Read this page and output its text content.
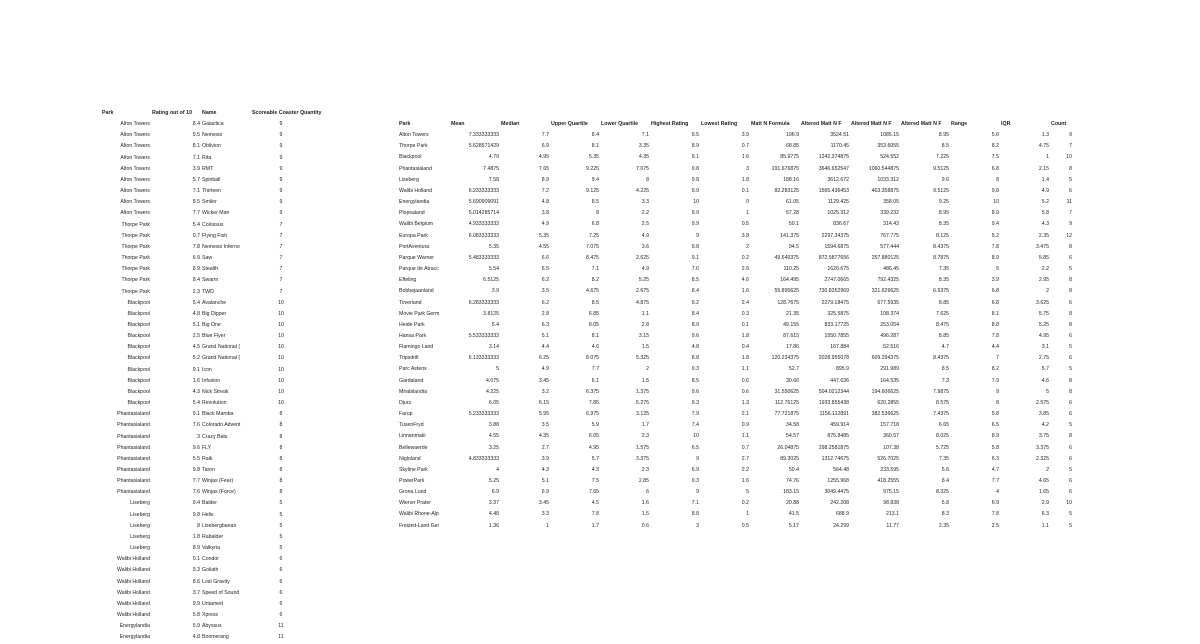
Park	Rating out of 10	Name	Scoreable Coaster Quantity
Alton Towers	8.4	Galactica	9
Alton Towers	9.5	Nemesis	9
Alton Towers	8.1	Oblivion	9
Alton Towers	7.1	Rita	9
Alton Towers	3.9	RMT	9
Alton Towers	5.7	Spinball	9
Alton Towers	7.1	Thirteen	9
Alton Towers	8.5	Smiler	9
Alton Towers	7.7	Wicker Man	9
Thorpe Park	5.4	Colossus	7
Thorpe Park	0.7	Flying Fish	7
Thorpe Park	7.8	Nemesis Inferno	7
Thorpe Park	6.9	Saw	7
Thorpe Park	8.9	Stealth	7
Thorpe Park	8.4	Swarm	7
Thorpe Park	2.3	TWD	7
Blackpool	5.4	Avalanche	10
Blackpool	4.8	Big Dipper	10
Blackpool	5.1	Big One	10
Blackpool	2.5	Blue Flyer	10
Blackpool	4.5	Grand National (	10
Blackpool	5.2	Grand National (	10
Blackpool	9.1	Icon	10
Blackpool	1.6	Infusion	10
Blackpool	4.3	Nick Streak	10
Blackpool	5.4	Revolution	10
Phantasialand	9.1	Black Mamba	8
Phantasialand	7.6	Colorado Advent	8
Phantasialand	3	Crazy Bats	8
Phantasialand	9.6	FLY	8
Phantasialand	5.5	Raik	8
Phantasialand	9.8	Taron	8
Phantasialand	7.7	Winjas (Fear)	8
Phantasialand	7.6	Winjas (Force)	8
Liseberg	9.4	Balder	5
Liseberg	9.8	Helix	5
Liseberg	8	Lisebergbanan	5
Liseberg	1.8	Rabalder	5
Liseberg	8.9	Valkyria	5
Walibi Holland	0.1	Condor	6
Walibi Holland	9.3	Goliath	6
Walibi Holland	8.6	Lost Gravity	6
Walibi Holland	3.7	Speed of Sound	6
Walibi Holland	9.9	Untamed	6
Walibi Holland	5.8	Xpress	6
Energylandia	5.9	Abyssus	11
Energylandia	4.8	Boomerang	11
Park	Mean	Median	Upper Quartile	Lower Quartile	Highest Rating	Lowest Rating	Matt N Formula	Altered Matt N F	Altered Matt N F	Altered Matt N F	Range	IQR	Count
Alton Towers	7.333333333	7.7	8.4	7.1	9.5	3.9	196.9	3524.51	1085.15	8.95	5.6	1.3	9
Thorpe Park	5.628571429	6.9	8.1	3.35	8.9	0.7	68.85	1170.45	353.6055	8.5	8.2	4.75	7
Blackpool	4.79	4.95	5.35	4.35	9.1	1.6	85.9775	1242.374875	524.552	7.225	7.5	1	10
Phantasialand	7.4875	7.65	9.225	7.075	9.8	3	191.676875	3646.652547	1060.544875	9.5125	6.8	2.15	8
Liseberg	7.58	8.9	9.4	8	9.8	1.8	188.16	3612.672	1033.312	9.6	8	1.4	5
Walibi Holland	6.233333333	7.2	9.125	4.225	9.9	0.1	82.283125	1565.436453	463.358875	9.5125	9.8	4.9	6
Energylandia	5.690909091	4.8	8.5	3.3	10	0	61.05	1129.425	358.05	9.25	10	5.2	11
Plopsaland	5.014285714	3.8	8	2.2	9.9	1	57.28	1025.312	339.232	8.95	8.9	5.8	7
Walibi Belgium	4.933333333	4.9	6.8	2.5	9.9	0.5	50.1	836.67	314.43	8.35	9.4	4.3	9
Europa Park	6.083333333	5.35	7.25	4.9	9	3.8	141.375	2297.34375	767.775	8.125	5.2	2.35	12
PortAventura	5.35	4.55	7.075	3.6	9.8	2	94.5	1594.6875	577.444	8.4375	7.8	3.475	8
Parque Warner	5.483333333	6.6	8.475	2.625	9.1	0.2	49.649375	872.5877656	257.880125	8.7875	8.9	5.85	6
Parque de Atracc	5.54	5.5	7.1	4.9	7.6	2.6	110.25	1620.675	486.45	7.35	5	2.2	5
Efteling	6.5125	6.2	8.2	5.25	8.5	4.6	164.495	2747.0665	792.4325	8.35	3.9	2.95	8
Bobbejaanland	3.9	3.5	4.675	2.675	8.4	1.6	55.895625	730.8352969	321.629625	6.5375	6.8	2	8
Toverland	6.283333333	6.2	8.5	4.875	9.2	2.4	128.7675	2279.18475	677.5935	8.85	6.8	3.625	6
Movie Park Germ	3.8125	2.8	6.85	1.1	8.4	0.3	21.35	325.5875	108.374	7.625	8.1	5.75	8
Heide Park	5.4	6.3	8.05	2.8	8.9	0.1	49.155	833.17725	253.054	8.475	8.8	5.25	8
Hansa Park	5.533333333	5.1	8.1	3.15	9.6	1.8	87.615	1550.7855	496.287	8.85	7.8	4.95	6
Flamingo Land	3.14	4.4	4.6	1.5	4.8	0.4	17.86	167.884	52.516	4.7	4.4	3.1	5
Tripsdrill	6.133333333	6.25	8.075	5.325	8.8	1.8	120.234375	2028.955078	609.294375	8.4375	7	2.75	6
Parc Asterix	5	4.9	7.7	2	9.3	1.1	52.7	895.9	291.989	8.5	8.2	5.7	5
Gardaland	4.075	3.45	6.1	1.5	8.5	0.6	30.66	447.636	164.535	7.3	7.9	4.6	8
Mirabilandia	4.225	3.2	6.375	1.375	9.6	0.6	31.550625	504.0212344	194.606625	7.9875	9	5	8
Djurs	6.05	6.15	7.85	5.275	9.3	1.3	112.76125	1933.855438	620.2855	8.575	8	2.575	6
Farup	5.233333333	5.95	6.975	3.125	7.9	2.1	77.721875	1156.112891	382.536625	7.4375	5.8	3.85	6
TusenFryd	3.88	3.5	5.9	1.7	7.4	0.9	34.58	459.914	157.718	6.65	6.5	4.2	5
Linnanmaki	4.55	4.35	6.05	2.3	10	1.1	54.57	875.8485	360.57	8.025	8.9	3.75	8
Bellewaerde	3.25	2.7	4.95	1.575	6.5	0.7	26.04875	298.2581875	107.38	5.725	5.8	3.375	6
Nigloland	4.833333333	3.9	5.7	3.375	9	2.7	89.3025	1312.74675	526.7025	7.35	6.3	2.325	6
Skyline Park	4	4.3	4.3	2.3	6.9	2.2	50.4	564.48	233.595	5.6	4.7	2	5
PowerPark	5.25	5.1	7.5	2.85	9.3	1.6	74.76	1255.968	418.2555	8.4	7.7	4.65	6
Grona Lund	6.9	6.9	7.65	6	9	5	183.15	3049.4475	975.15	8.325	4	1.65	6
Wiener Prater	3.37	3.45	4.5	1.6	7.1	0.2	20.88	242.208	98.838	5.8	6.9	2.9	10
Walibi Rhone-Alp	4.48	3.3	7.8	1.5	8.8	1	41.5	688.9	213.1	8.3	7.8	6.3	5
Freizeit-Land Gei	1.36	1	1.7	0.6	3	0.5	5.17	24.299	11.77	2.35	2.5	1.1	5
